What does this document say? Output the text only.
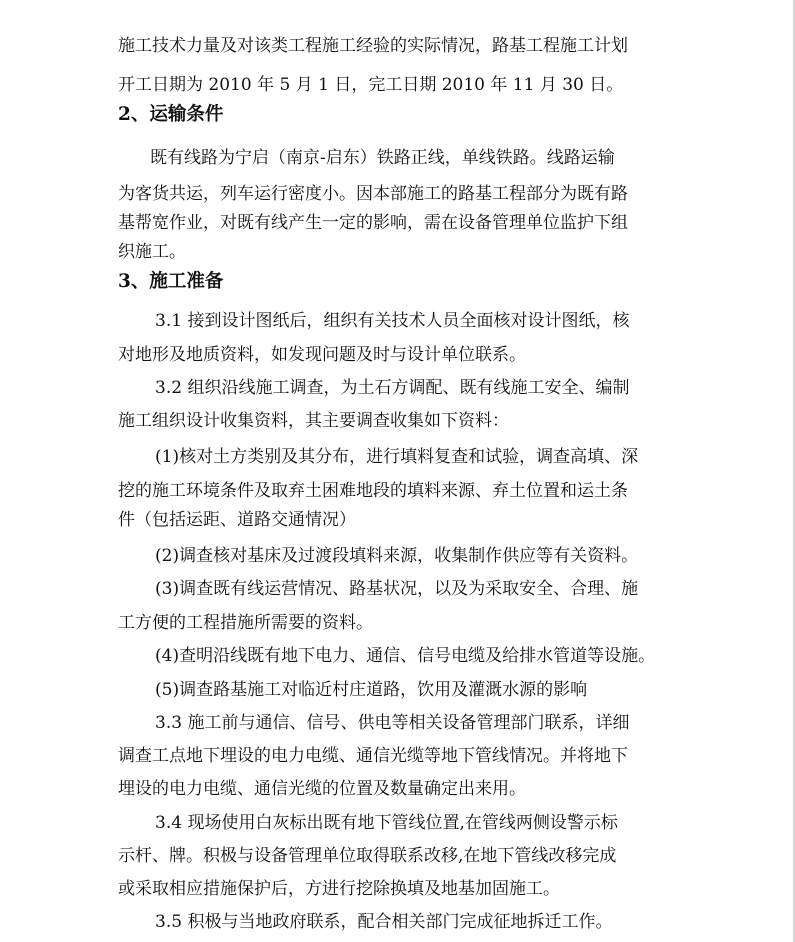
施工技术力量及对该类工程施工经验的实际情况，路基工程施工计划
开工日期为 2010 年 5 月 1 日，完工日期 2010 年 11 月 30 日。
2、运输条件
既有线路为宁启（南京-启东）铁路正线，单线铁路。线路运输
为客货共运，列车运行密度小。因本部施工的路基工程部分为既有路
基帮宽作业，对既有线产生一定的影响，需在设备管理单位监护下组
织施工。
3、施工准备
3.1 接到设计图纸后，组织有关技术人员全面核对设计图纸，核
对地形及地质资料，如发现问题及时与设计单位联系。
3.2 组织沿线施工调查，为土石方调配、既有线施工安全、编制
施工组织设计收集资料，其主要调查收集如下资料：
(1)核对土方类别及其分布，进行填料复查和试验，调查高填、深
挖的施工环境条件及取弃土困难地段的填料来源、弃土位置和运土条
件（包括运距、道路交通情况）
(2)调查核对基床及过渡段填料来源，收集制作供应等有关资料。
(3)调查既有线运营情况、路基状况，以及为采取安全、合理、施
工方便的工程措施所需要的资料。
(4)查明沿线既有地下电力、通信、信号电缆及给排水管道等设施。
(5)调查路基施工对临近村庄道路，饮用及灌溉水源的影响
3.3 施工前与通信、信号、供电等相关设备管理部门联系，详细
调查工点地下埋设的电力电缆、通信光缆等地下管线情况。并将地下
埋设的电力电缆、通信光缆的位置及数量确定出来用。
3.4 现场使用白灰标出既有地下管线位置,在管线两侧设警示标
示杆、牌。积极与设备管理单位取得联系改移,在地下管线改移完成
或采取相应措施保护后，方进行挖除换填及地基加固施工。
3.5 积极与当地政府联系，配合相关部门完成征地拆迁工作。
